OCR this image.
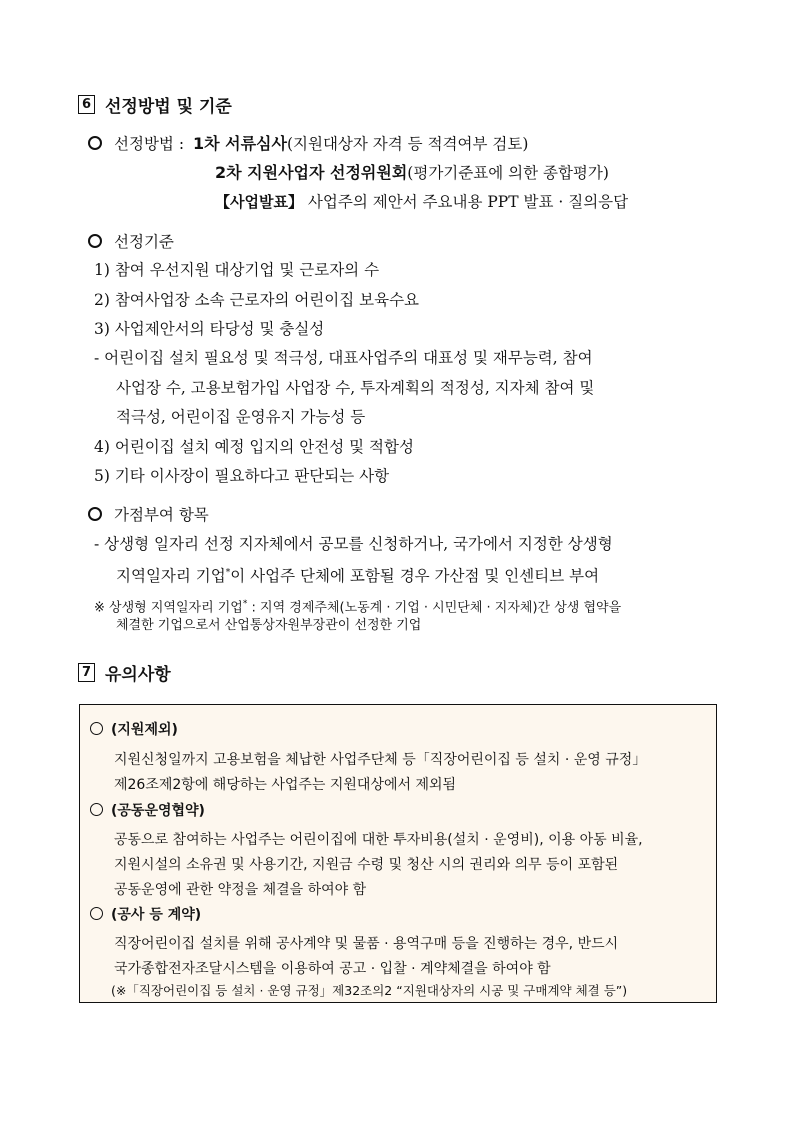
6 선정방법 및 기준
선정방법 : 1차 서류심사(지원대상자 자격 등 적격여부 검토)
2차 지원사업자 선정위원회(평가기준표에 의한 종합평가)
【사업발표】 사업주의 제안서 주요내용 PPT 발표 · 질의응답
선정기준
1) 참여 우선지원 대상기업 및 근로자의 수
2) 참여사업장 소속 근로자의 어린이집 보육수요
3) 사업제안서의 타당성 및 충실성
- 어린이집 설치 필요성 및 적극성, 대표사업주의 대표성 및 재무능력, 참여
사업장 수, 고용보험가입 사업장 수, 투자계획의 적정성, 지자체 참여 및
적극성, 어린이집 운영유지 가능성 등
4) 어린이집 설치 예정 입지의 안전성 및 적합성
5) 기타 이사장이 필요하다고 판단되는 사항
가점부여 항목
- 상생형 일자리 선정 지자체에서 공모를 신청하거나, 국가에서 지정한 상생형
지역일자리 기업*이 사업주 단체에 포함될 경우 가산점 및 인센티브 부여
※ 상생형 지역일자리 기업* : 지역 경제주체(노동계 · 기업 · 시민단체 · 지자체)간 상생 협약을
체결한 기업으로서 산업통상자원부장관이 선정한 기업
7 유의사항
(지원제외)
지원신청일까지 고용보험을 체납한 사업주단체 등「직장어린이집 등 설치 · 운영 규정」
제26조제2항에 해당하는 사업주는 지원대상에서 제외됨
(공동운영협약)
공동으로 참여하는 사업주는 어린이집에 대한 투자비용(설치 · 운영비), 이용 아동 비율,
지원시설의 소유권 및 사용기간, 지원금 수령 및 청산 시의 권리와 의무 등이 포함된
공동운영에 관한 약정을 체결을 하여야 함
(공사 등 계약)
직장어린이집 설치를 위해 공사계약 및 물품 · 용역구매 등을 진행하는 경우, 반드시
국가종합전자조달시스템을 이용하여 공고 · 입찰 · 계약체결을 하여야 함
(※「직장어린이집 등 설치 · 운영 규정」제32조의2 “지원대상자의 시공 및 구매계약 체결 등”)
